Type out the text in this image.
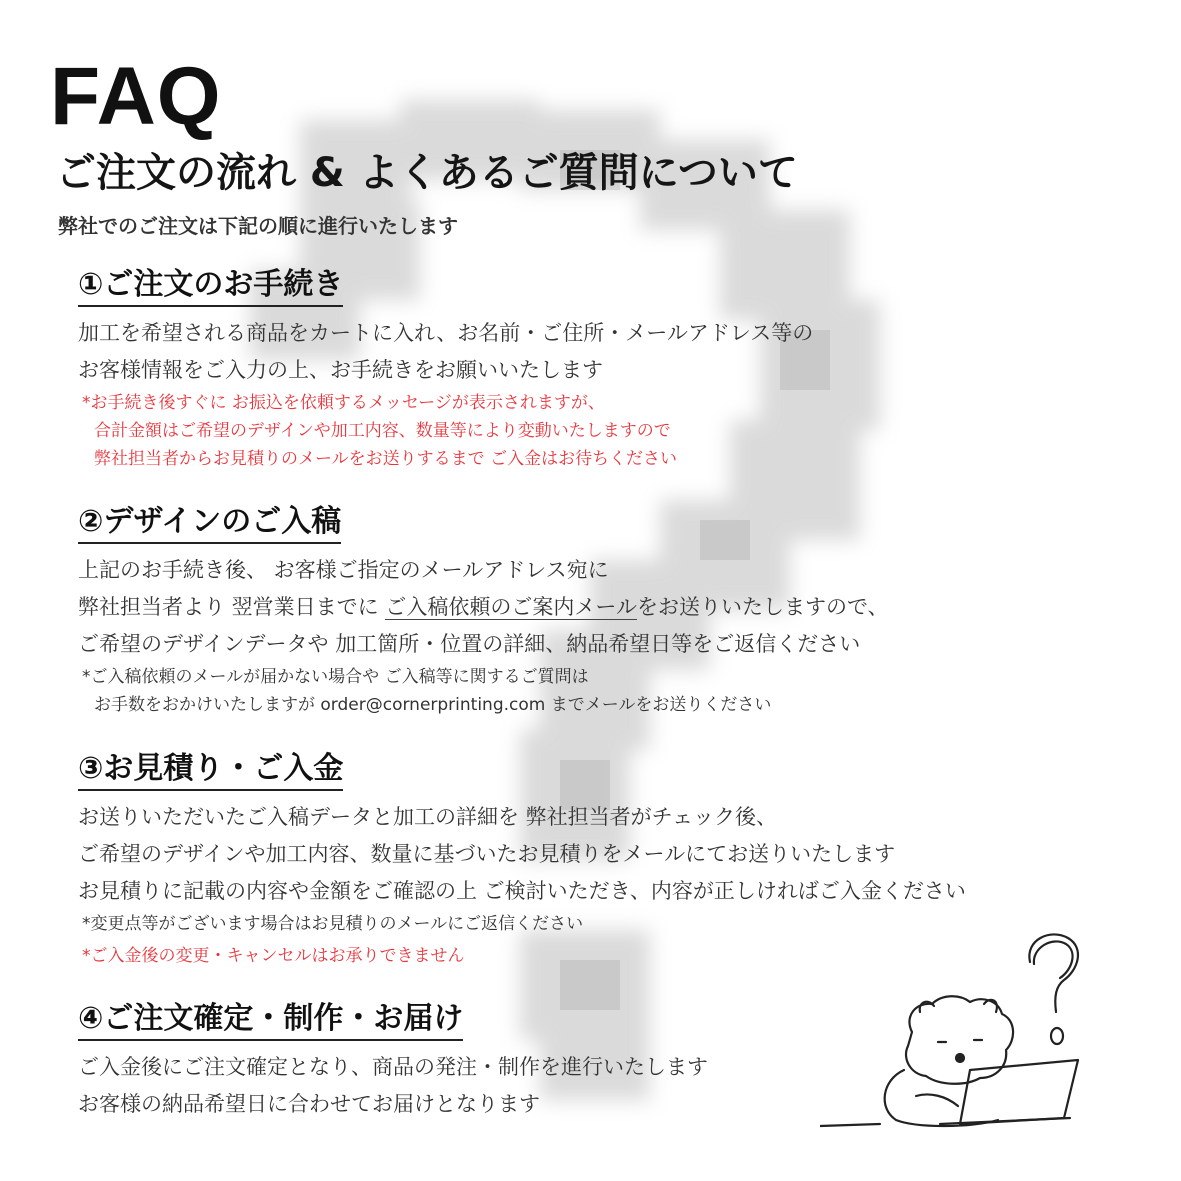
FAQ
ご注文の流れ & よくあるご質問について
弊社でのご注文は下記の順に進行いたします
①ご注文のお手続き
加工を希望される商品をカートに入れ、お名前・ご住所・メールアドレス等の
お客様情報をご入力の上、お手続きをお願いいたします
*お手続き後すぐに お振込を依頼するメッセージが表示されますが、
合計金額はご希望のデザインや加工内容、数量等により変動いたしますので
弊社担当者からお見積りのメールをお送りするまで ご入金はお待ちください
②デザインのご入稿
上記のお手続き後、 お客様ご指定のメールアドレス宛に
弊社担当者より 翌営業日までに ご入稿依頼のご案内メールをお送りいたしますので、
ご希望のデザインデータや 加工箇所・位置の詳細、納品希望日等をご返信ください
*ご入稿依頼のメールが届かない場合や ご入稿等に関するご質問は
お手数をおかけいたしますが order@cornerprinting.com までメールをお送りください
③お見積り・ご入金
お送りいただいたご入稿データと加工の詳細を 弊社担当者がチェック後、
ご希望のデザインや加工内容、数量に基づいたお見積りをメールにてお送りいたします
お見積りに記載の内容や金額をご確認の上 ご検討いただき、内容が正しければご入金ください
*変更点等がございます場合はお見積りのメールにご返信ください
*ご入金後の変更・キャンセルはお承りできません
④ご注文確定・制作・お届け
ご入金後にご注文確定となり、商品の発注・制作を進行いたします
お客様の納品希望日に合わせてお届けとなります
